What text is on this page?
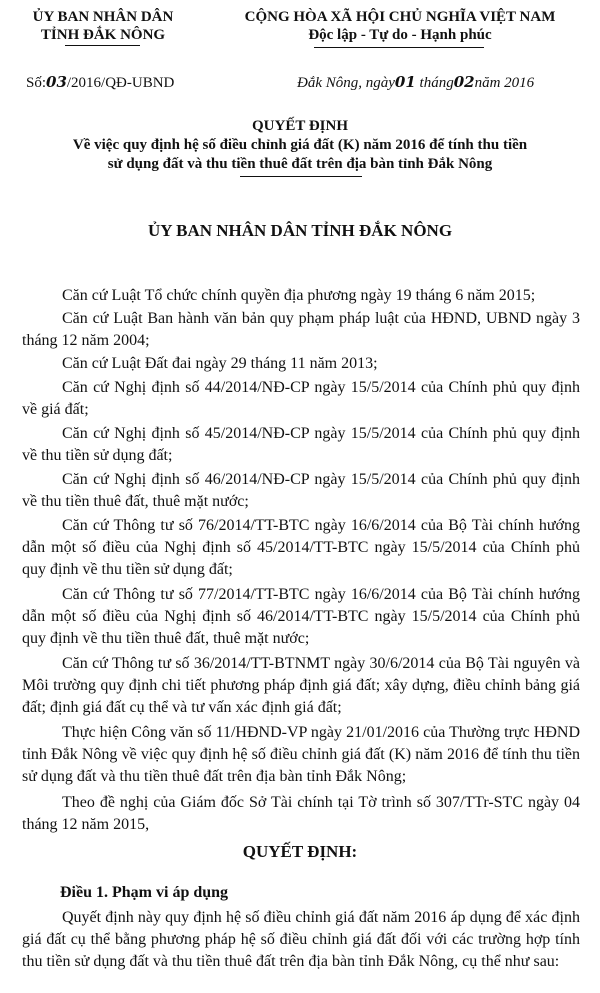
ỦY BAN NHÂN DÂN
TỈNH ĐẮK NÔNG
CỘNG HÒA XÃ HỘI CHỦ NGHĨA VIỆT NAM
Độc lập - Tự do - Hạnh phúc
Số:03/2016/QĐ-UBND	Đắk Nông, ngày01 tháng02năm 2016
QUYẾT ĐỊNH
Về việc quy định hệ số điều chỉnh giá đất (K) năm 2016 để tính thu tiền
sử dụng đất và thu tiền thuê đất trên địa bàn tỉnh Đắk Nông
ỦY BAN NHÂN DÂN TỈNH ĐẮK NÔNG

Căn cứ Luật Tổ chức chính quyền địa phương ngày 19 tháng 6 năm 2015;

Căn cứ Luật Ban hành văn bản quy phạm pháp luật của HĐND, UBND ngày 3 tháng 12 năm 2004;

Căn cứ Luật Đất đai ngày 29 tháng 11 năm 2013;

Căn cứ Nghị định số 44/2014/NĐ-CP ngày 15/5/2014 của Chính phủ quy định về giá đất;

Căn cứ Nghị định số 45/2014/NĐ-CP ngày 15/5/2014 của Chính phủ quy định về thu tiền sử dụng đất;

Căn cứ Nghị định số 46/2014/NĐ-CP ngày 15/5/2014 của Chính phủ quy định về thu tiền thuê đất, thuê mặt nước;

Căn cứ Thông tư số 76/2014/TT-BTC ngày 16/6/2014 của Bộ Tài chính hướng dẫn một số điều của Nghị định số 45/2014/TT-BTC ngày 15/5/2014 của Chính phủ quy định về thu tiền sử dụng đất;

Căn cứ Thông tư số 77/2014/TT-BTC ngày 16/6/2014 của Bộ Tài chính hướng dẫn một số điều của Nghị định số 46/2014/TT-BTC ngày 15/5/2014 của Chính phủ quy định về thu tiền thuê đất, thuê mặt nước;

Căn cứ Thông tư số 36/2014/TT-BTNMT ngày 30/6/2014 của Bộ Tài nguyên và Môi trường quy định chi tiết phương pháp định giá đất; xây dựng, điều chỉnh bảng giá đất; định giá đất cụ thể và tư vấn xác định giá đất;

Thực hiện Công văn số 11/HĐND-VP ngày 21/01/2016 của Thường trực HĐND tỉnh Đắk Nông về việc quy định hệ số điều chỉnh giá đất (K) năm 2016 để tính thu tiền sử dụng đất và thu tiền thuê đất trên địa bàn tỉnh Đắk Nông;

Theo đề nghị của Giám đốc Sở Tài chính tại Tờ trình số 307/TTr-STC ngày 04 tháng 12 năm 2015,

QUYẾT ĐỊNH:
Điều 1. Phạm vi áp dụng

Quyết định này quy định hệ số điều chỉnh giá đất năm 2016 áp dụng để xác định giá đất cụ thể bằng phương pháp hệ số điều chỉnh giá đất đối với các trường hợp tính thu tiền sử dụng đất và thu tiền thuê đất trên địa bàn tỉnh Đắk Nông, cụ thể như sau:
